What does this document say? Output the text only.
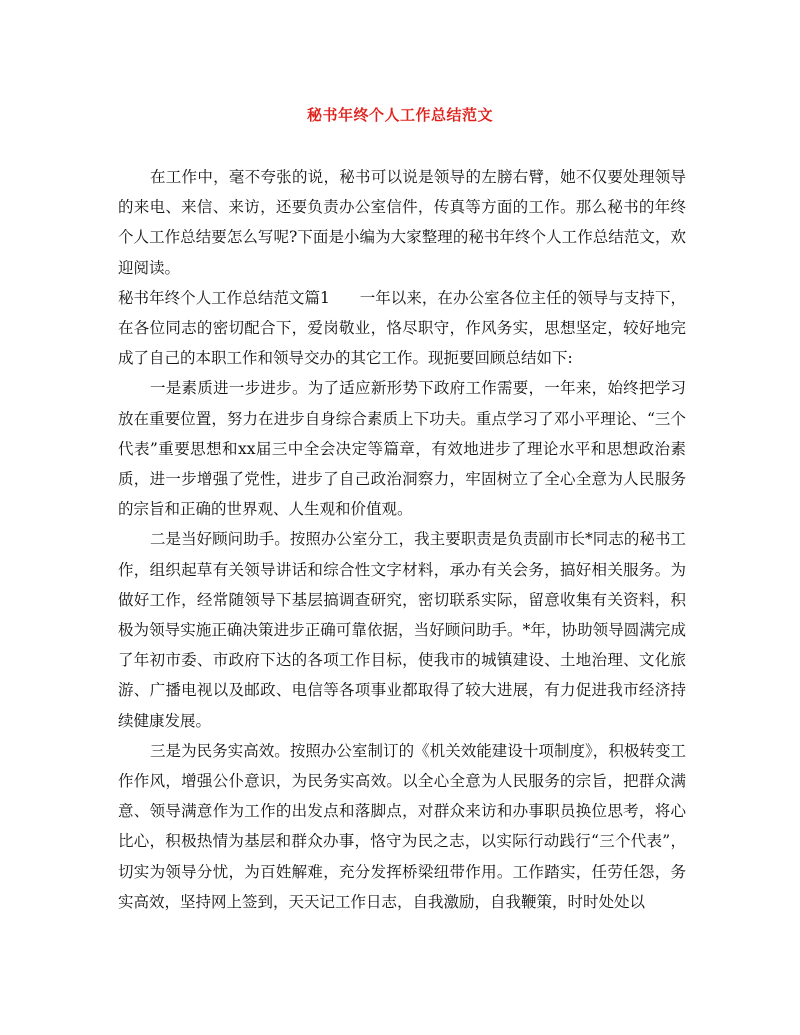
秘书年终个人工作总结范文

在工作中，毫不夸张的说，秘书可以说是领导的左膀右臂，她不仅要处理领导的来电、来信、来访，还要负责办公室信件，传真等方面的工作。那么秘书的年终个人工作总结要怎么写呢?下面是小编为大家整理的秘书年终个人工作总结范文，欢迎阅读。

秘书年终个人工作总结范文篇1 一年以来，在办公室各位主任的领导与支持下，在各位同志的密切配合下，爱岗敬业，恪尽职守，作风务实，思想坚定，较好地完成了自己的本职工作和领导交办的其它工作。现扼要回顾总结如下:

一是素质进一步进步。为了适应新形势下政府工作需要，一年来，始终把学习放在重要位置，努力在进步自身综合素质上下功夫。重点学习了邓小平理论、“三个代表”重要思想和xx届三中全会决定等篇章，有效地进步了理论水平和思想政治素质，进一步增强了党性，进步了自己政治洞察力，牢固树立了全心全意为人民服务的宗旨和正确的世界观、人生观和价值观。

二是当好顾问助手。按照办公室分工，我主要职责是负责副市长*同志的秘书工作，组织起草有关领导讲话和综合性文字材料，承办有关会务，搞好相关服务。为做好工作，经常随领导下基层搞调查研究，密切联系实际，留意收集有关资料，积极为领导实施正确决策进步正确可靠依据，当好顾问助手。*年，协助领导圆满完成了年初市委、市政府下达的各项工作目标，使我市的城镇建设、土地治理、文化旅游、广播电视以及邮政、电信等各项事业都取得了较大进展，有力促进我市经济持续健康发展。

三是为民务实高效。按照办公室制订的《机关效能建设十项制度》，积极转变工作作风，增强公仆意识，为民务实高效。以全心全意为人民服务的宗旨，把群众满意、领导满意作为工作的出发点和落脚点，对群众来访和办事职员换位思考，将心比心，积极热情为基层和群众办事，恪守为民之志，以实际行动践行“三个代表”，切实为领导分忧，为百姓解难，充分发挥桥梁纽带作用。工作踏实，任劳任怨，务实高效，坚持网上签到，天天记工作日志，自我激励，自我鞭策，时时处处以
